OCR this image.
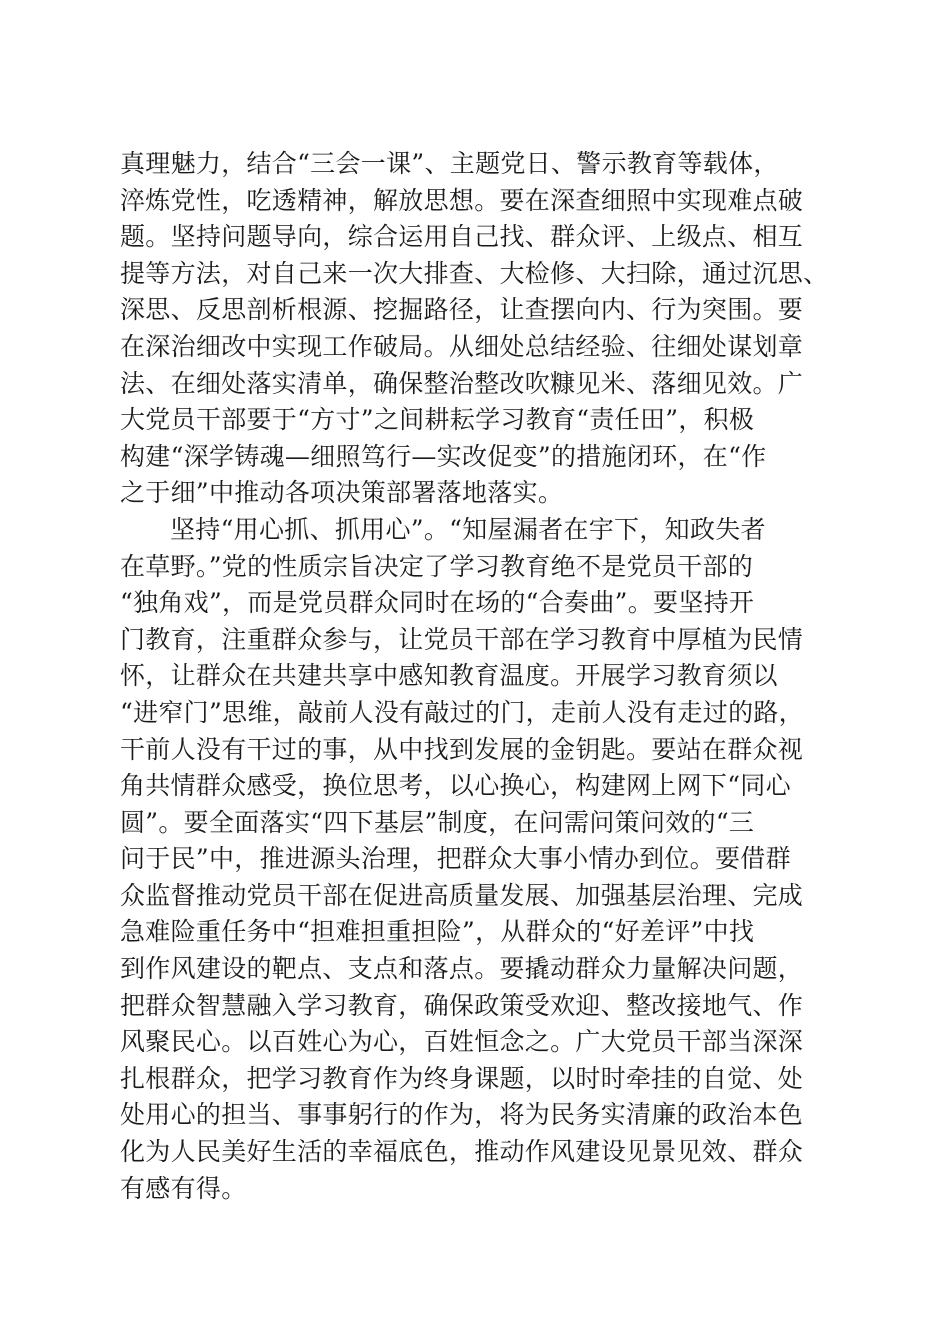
真理魅力，结合“三会一课”、主题党日、警示教育等载体，
淬炼党性，吃透精神，解放思想。要在深查细照中实现难点破
题。坚持问题导向，综合运用自己找、群众评、上级点、相互
提等方法，对自己来一次大排查、大检修、大扫除，通过沉思、
深思、反思剖析根源、挖掘路径，让查摆向内、行为突围。要
在深治细改中实现工作破局。从细处总结经验、往细处谋划章
法、在细处落实清单，确保整治整改吹糠见米、落细见效。广
大党员干部要于“方寸”之间耕耘学习教育“责任田”，积极
构建“深学铸魂—细照笃行—实改促变”的措施闭环，在“作
之于细”中推动各项决策部署落地落实。
坚持“用心抓、抓用心”。“知屋漏者在宇下，知政失者
在草野。”党的性质宗旨决定了学习教育绝不是党员干部的
“独角戏”，而是党员群众同时在场的“合奏曲”。要坚持开
门教育，注重群众参与，让党员干部在学习教育中厚植为民情
怀，让群众在共建共享中感知教育温度。开展学习教育须以
“进窄门”思维，敲前人没有敲过的门，走前人没有走过的路，
干前人没有干过的事，从中找到发展的金钥匙。要站在群众视
角共情群众感受，换位思考，以心换心，构建网上网下“同心
圆”。要全面落实“四下基层”制度，在问需问策问效的“三
问于民”中，推进源头治理，把群众大事小情办到位。要借群
众监督推动党员干部在促进高质量发展、加强基层治理、完成
急难险重任务中“担难担重担险”，从群众的“好差评”中找
到作风建设的靶点、支点和落点。要撬动群众力量解决问题，
把群众智慧融入学习教育，确保政策受欢迎、整改接地气、作
风聚民心。以百姓心为心，百姓恒念之。广大党员干部当深深
扎根群众，把学习教育作为终身课题，以时时牵挂的自觉、处
处用心的担当、事事躬行的作为，将为民务实清廉的政治本色
化为人民美好生活的幸福底色，推动作风建设见景见效、群众
有感有得。
